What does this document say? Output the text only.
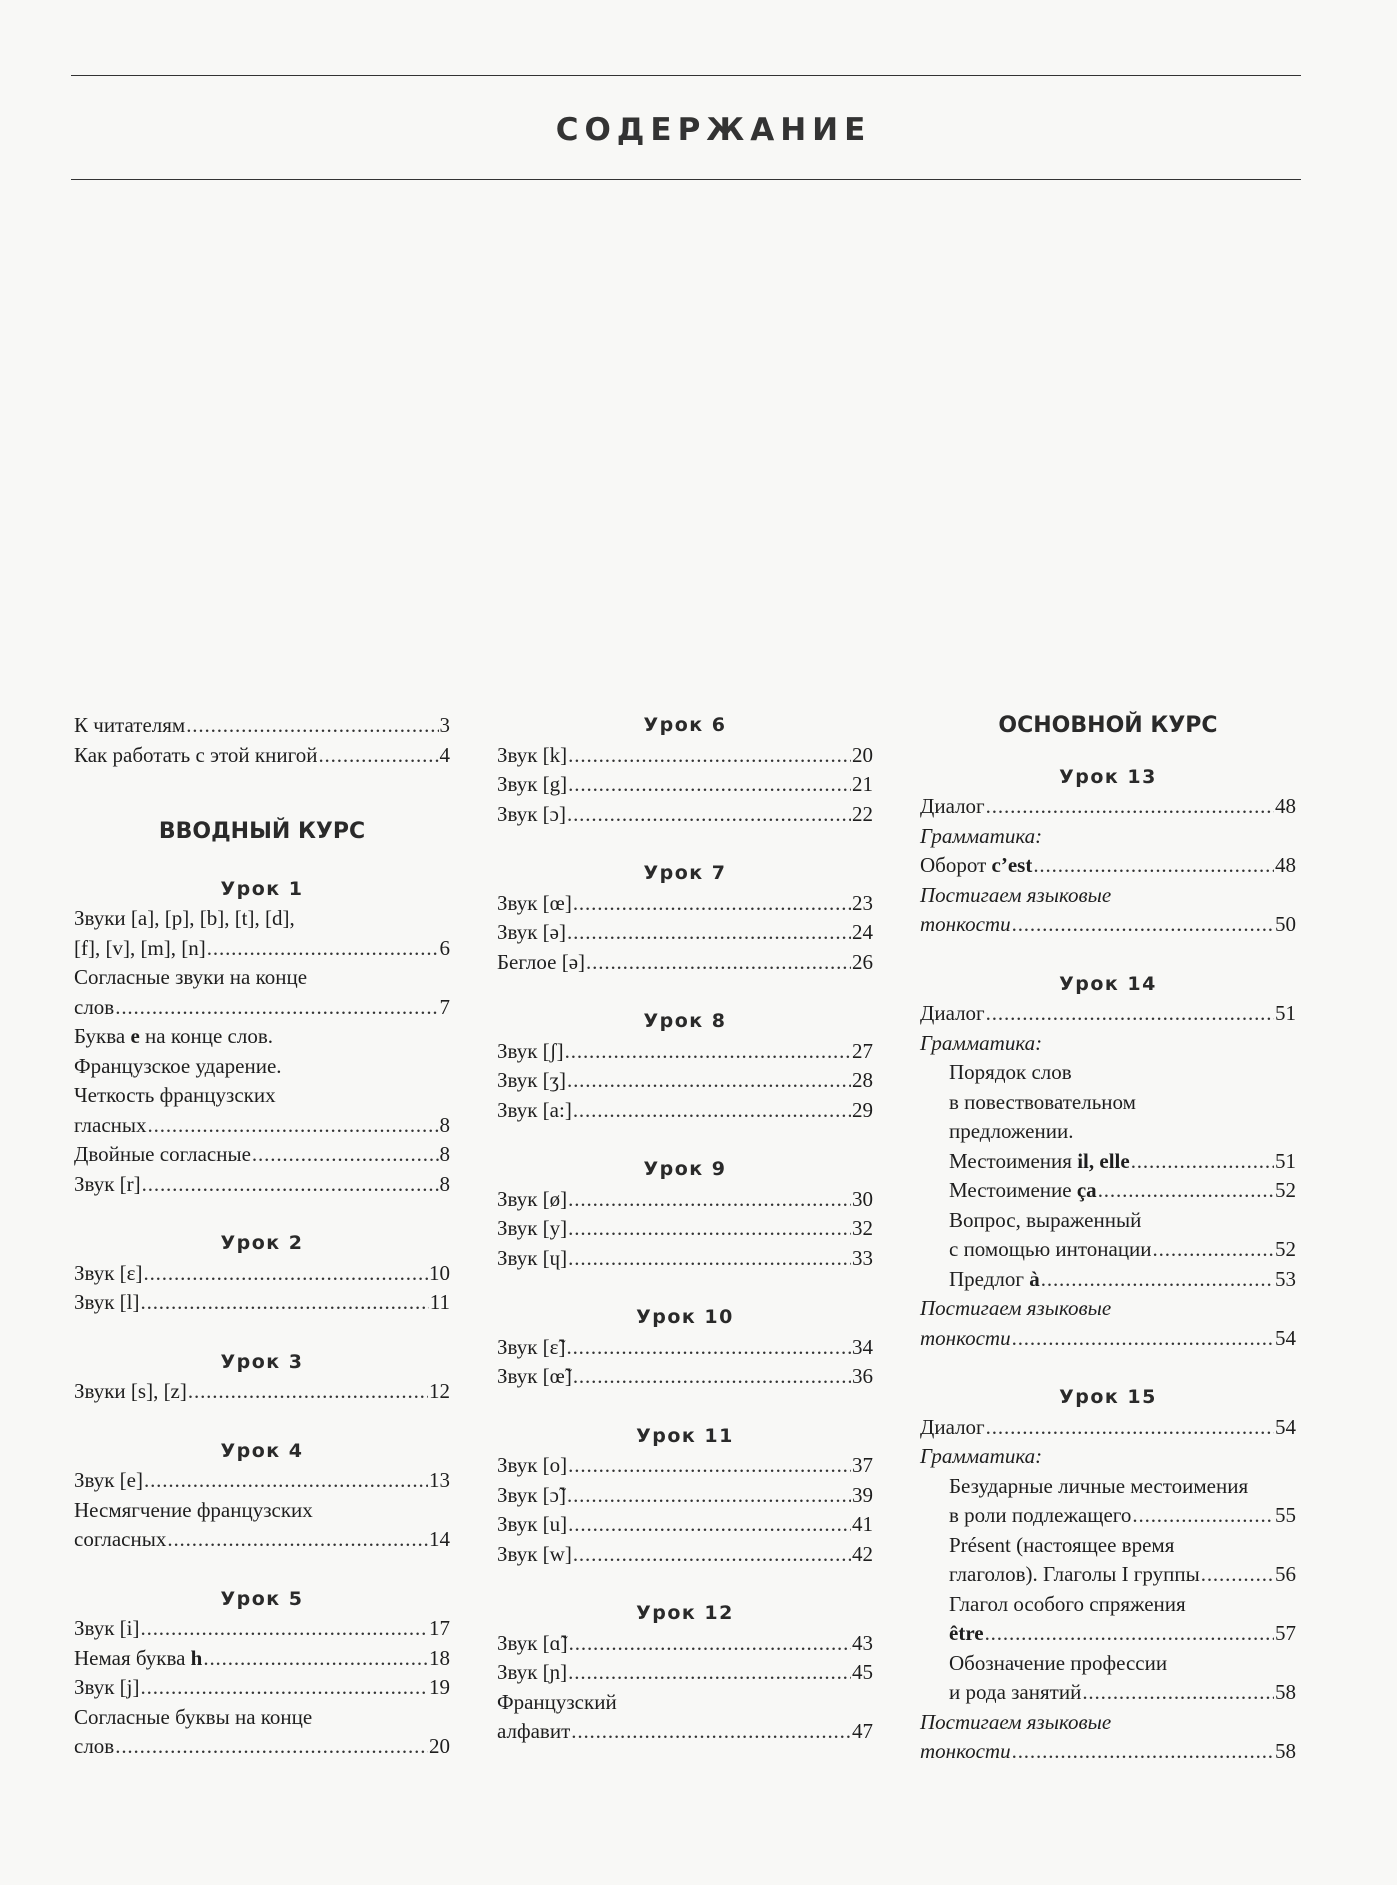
СОДЕРЖАНИЕ
К читателям . . .	3
Как работать с этой книгой . . .	4
ВВОДНЫЙ КУРС
Урок 1
Звуки [a], [p], [b], [t], [d],
[f], [v], [m], [n] . . .	6
Согласные звуки на конце
слов . . .	7
Буква e на конце слов.
Французское ударение.
Четкость французских
гласных . . .	8
Двойные согласные . . .	8
Звук [r] . . .	8
Урок 2
Звук [ε] . . .	10
Звук [l] . . .	11
Урок 3
Звуки [s], [z] . . .	12
Урок 4
Звук [e] . . .	13
Несмягчение французских
согласных . . .	14
Урок 5
Звук [i] . . .	17
Немая буква h . . .	18
Звук [j] . . .	19
Согласные буквы на конце
слов . . .	20
Урок 6
Звук [k] . . .	20
Звук [g] . . .	21
Звук [ɔ] . . .	22
Урок 7
Звук [œ] . . .	23
Звук [ə] . . .	24
Беглое [ə] . . .	26
Урок 8
Звук [ʃ] . . .	27
Звук [ʒ] . . .	28
Звук [a:] . . .	29
Урок 9
Звук [ø] . . .	30
Звук [y] . . .	32
Звук [ɥ] . . .	33
Урок 10
Звук [ɛ̃] . . .	34
Звук [œ̃] . . .	36
Урок 11
Звук [o] . . .	37
Звук [ɔ̃] . . .	39
Звук [u] . . .	41
Звук [w] . . .	42
Урок 12
Звук [ɑ̃] . . .	43
Звук [ɲ] . . .	45
Французский
алфавит . . .	47
ОСНОВНОЙ КУРС
Урок 13
Диалог . . .	48
Грамматика:
Оборот c’est . . .	48
Постигаем языковые
тонкости . . .	50
Урок 14
Диалог . . .	51
Грамматика:
Порядок слов
в повествовательном
предложении.
Местоимения il, elle . . .	51
Местоимение ça . . .	52
Вопрос, выраженный
с помощью интонации . . .	52
Предлог à . . .	53
Постигаем языковые
тонкости . . .	54
Урок 15
Диалог . . .	54
Грамматика:
Безударные личные местоимения
в роли подлежащего . . .	55
Présent (настоящее время
глаголов). Глаголы I группы . . .	56
Глагол особого спряжения
être . . .	57
Обозначение профессии
и рода занятий . . .	58
Постигаем языковые
тонкости . . .	58
